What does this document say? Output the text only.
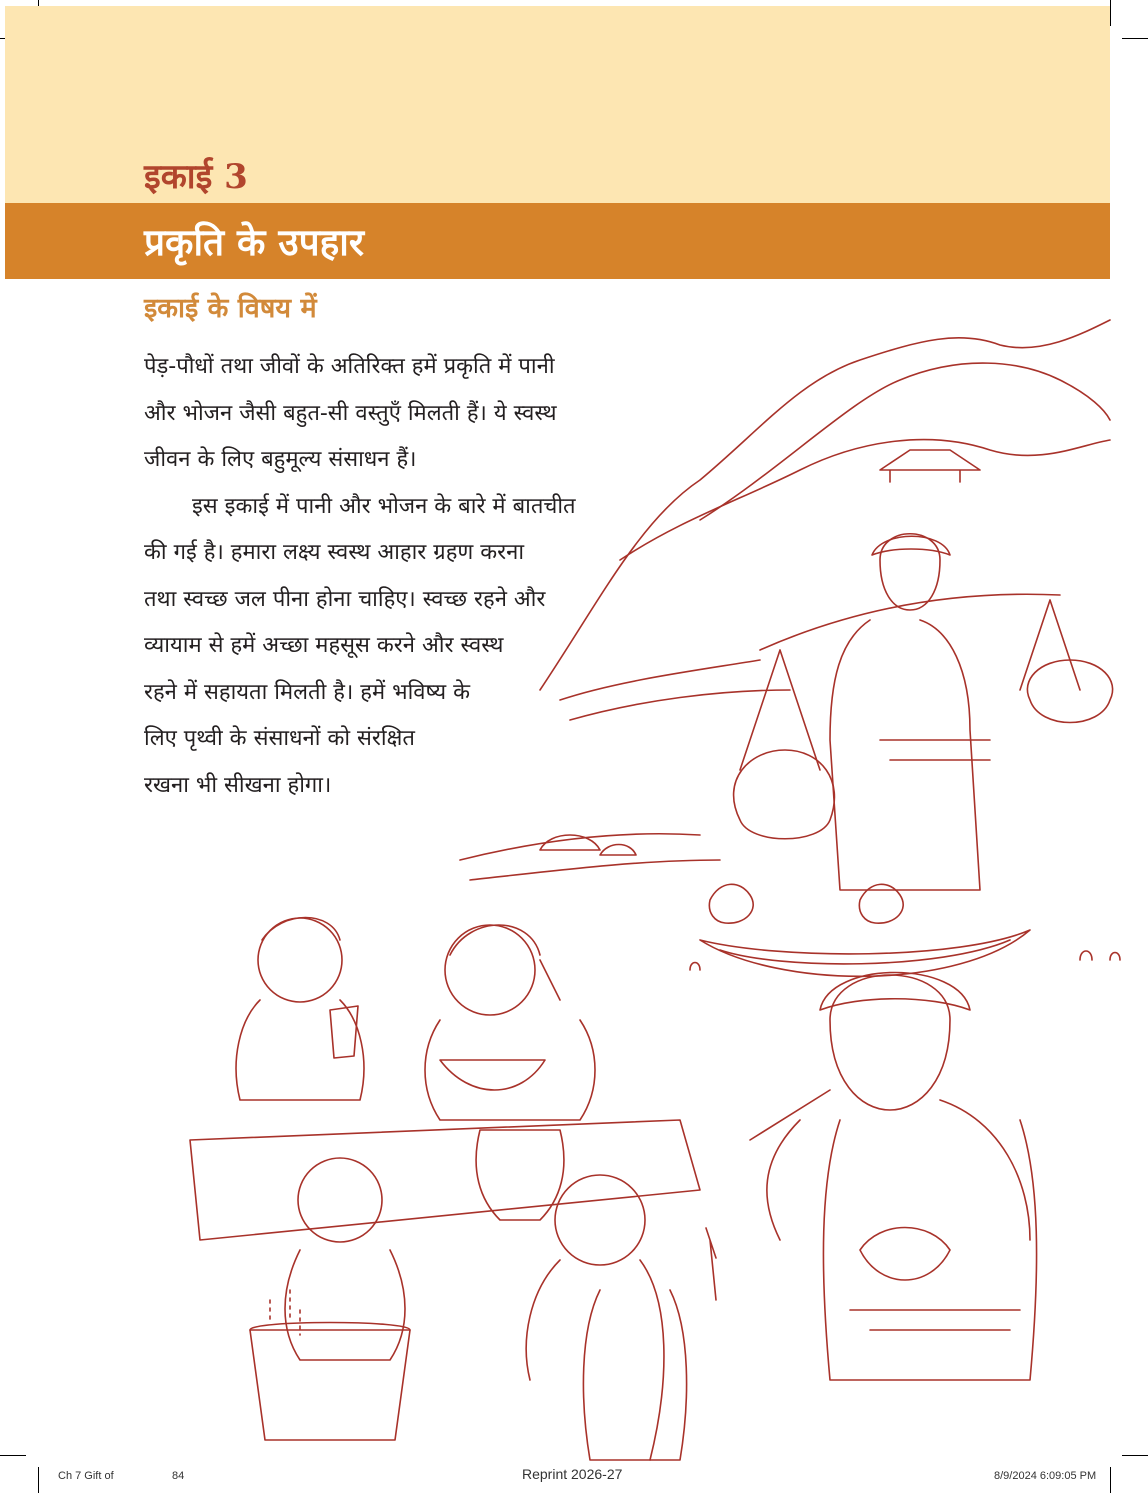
इकाई 3
प्रकृति के उपहार
इकाई के विषय में
पेड़-पौधों तथा जीवों के अतिरिक्त हमें प्रकृति में पानी
और भोजन जैसी बहुत-सी वस्तुएँ मिलती हैं। ये स्वस्थ
जीवन के लिए बहुमूल्य संसाधन हैं।
इस इकाई में पानी और भोजन के बारे में बातचीत
की गई है। हमारा लक्ष्य स्वस्थ आहार ग्रहण करना
तथा स्वच्छ जल पीना होना चाहिए। स्वच्छ रहने और
व्यायाम से हमें अच्छा महसूस करने और स्वस्थ
रहने में सहायता मिलती है। हमें भविष्य के
लिए पृथ्वी के संसाधनों को संरक्षित
रखना भी सीखना होगा।
Ch 7 Gift of	84	Reprint 2026-27	8/9/2024 6:09:05 PM
